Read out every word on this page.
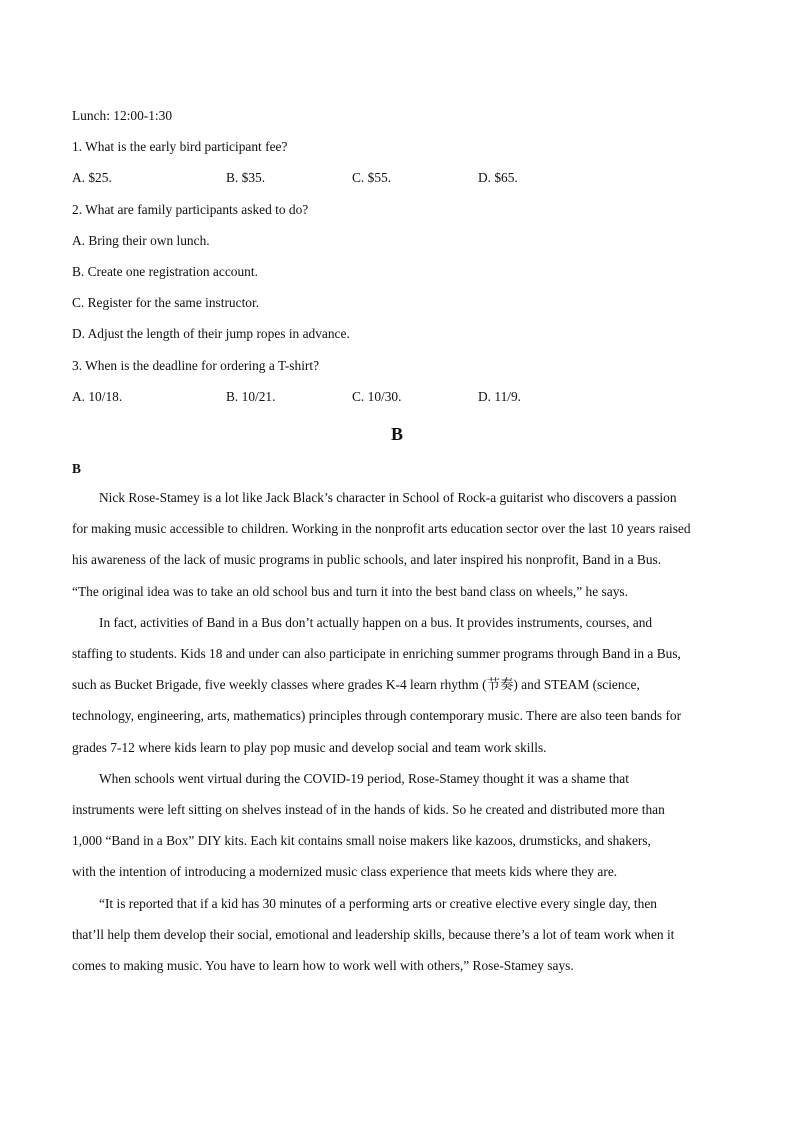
Lunch: 12:00-1:30

1. What is the early bird participant fee?

A. $25.	B. $35.	C. $55.	D. $65.

2. What are family participants asked to do?

A. Bring their own lunch.

B. Create one registration account.

C. Register for the same instructor.

D. Adjust the length of their jump ropes in advance.

3. When is the deadline for ordering a T-shirt?

A. 10/18.	B. 10/21.	C. 10/30.	D. 11/9.

B

B

Nick Rose-Stamey is a lot like Jack Black’s character in School of Rock-a guitarist who discovers a passion
for making music accessible to children. Working in the nonprofit arts education sector over the last 10 years raised
his awareness of the lack of music programs in public schools, and later inspired his nonprofit, Band in a Bus.
“The original idea was to take an old school bus and turn it into the best band class on wheels,” he says.
In fact, activities of Band in a Bus don’t actually happen on a bus. It provides instruments, courses, and
staffing to students. Kids 18 and under can also participate in enriching summer programs through Band in a Bus,
such as Bucket Brigade, five weekly classes where grades K-4 learn rhythm (节奏) and STEAM (science,
technology, engineering, arts, mathematics) principles through contemporary music. There are also teen bands for
grades 7-12 where kids learn to play pop music and develop social and team work skills.
When schools went virtual during the COVID-19 period, Rose-Stamey thought it was a shame that
instruments were left sitting on shelves instead of in the hands of kids. So he created and distributed more than
1,000 “Band in a Box” DIY kits. Each kit contains small noise makers like kazoos, drumsticks, and shakers,
with the intention of introducing a modernized music class experience that meets kids where they are.
“It is reported that if a kid has 30 minutes of a performing arts or creative elective every single day, then
that’ll help them develop their social, emotional and leadership skills, because there’s a lot of team work when it
comes to making music. You have to learn how to work well with others,” Rose-Stamey says.
